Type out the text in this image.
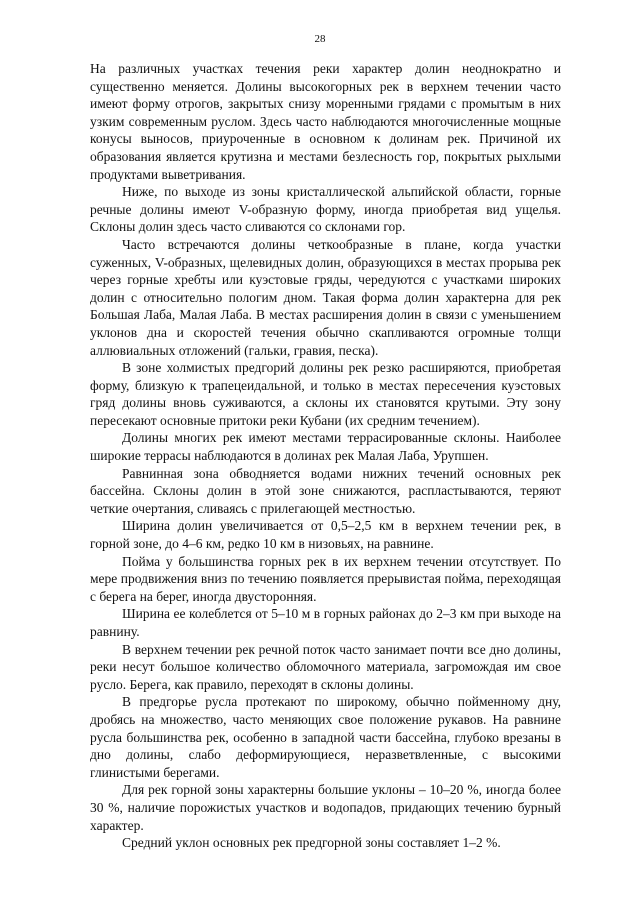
28

На различных участках течения реки характер долин неоднократно и существенно меняется. Долины высокогорных рек в верхнем течении часто имеют форму отрогов, закрытых снизу моренными грядами с промытым в них узким современным руслом. Здесь часто наблюдаются многочисленные мощные конусы выносов, приуроченные в основном к долинам рек. Причиной их образования является крутизна и местами безлесность гор, покрытых рыхлыми продуктами выветривания.

Ниже, по выходе из зоны кристаллической альпийской области, горные речные долины имеют V-образную форму, иногда приобретая вид ущелья. Склоны долин здесь часто сливаются со склонами гор.

Часто встречаются долины четкообразные в плане, когда участки суженных, V-образных, щелевидных долин, образующихся в местах прорыва рек через горные хребты или куэстовые гряды, чередуются с участками широких долин с относительно пологим дном. Такая форма долин характерна для рек Большая Лаба, Малая Лаба. В местах расширения долин в связи с уменьшением уклонов дна и скоростей течения обычно скапливаются огромные толщи аллювиальных отложений (гальки, гравия, песка).

В зоне холмистых предгорий долины рек резко расширяются, приобретая форму, близкую к трапецеидальной, и только в местах пересечения куэстовых гряд долины вновь суживаются, а склоны их становятся крутыми. Эту зону пересекают основные притоки реки Кубани (их средним течением).

Долины многих рек имеют местами террасированные склоны. Наиболее широкие террасы наблюдаются в долинах рек Малая Лаба, Урупшен.

Равнинная зона обводняется водами нижних течений основных рек бассейна. Склоны долин в этой зоне снижаются, распластываются, теряют четкие очертания, сливаясь с прилегающей местностью.

Ширина долин увеличивается от 0,5–2,5 км в верхнем течении рек, в горной зоне, до 4–6 км, редко 10 км в низовьях, на равнине.

Пойма у большинства горных рек в их верхнем течении отсутствует. По мере продвижения вниз по течению появляется прерывистая пойма, переходящая с берега на берег, иногда двусторонняя.

Ширина ее колеблется от 5–10 м в горных районах до 2–3 км при выходе на равнину.

В верхнем течении рек речной поток часто занимает почти все дно долины, реки несут большое количество обломочного материала, загромождая им свое русло. Берега, как правило, переходят в склоны долины.

В предгорье русла протекают по широкому, обычно пойменному дну, дробясь на множество, часто меняющих свое положение рукавов. На равнине русла большинства рек, особенно в западной части бассейна, глубоко врезаны в дно долины, слабо деформирующиеся, неразветвленные, с высокими глинистыми берегами.

Для рек горной зоны характерны большие уклоны – 10–20 %, иногда более 30 %, наличие порожистых участков и водопадов, придающих течению бурный характер.

Средний уклон основных рек предгорной зоны составляет 1–2 %.
